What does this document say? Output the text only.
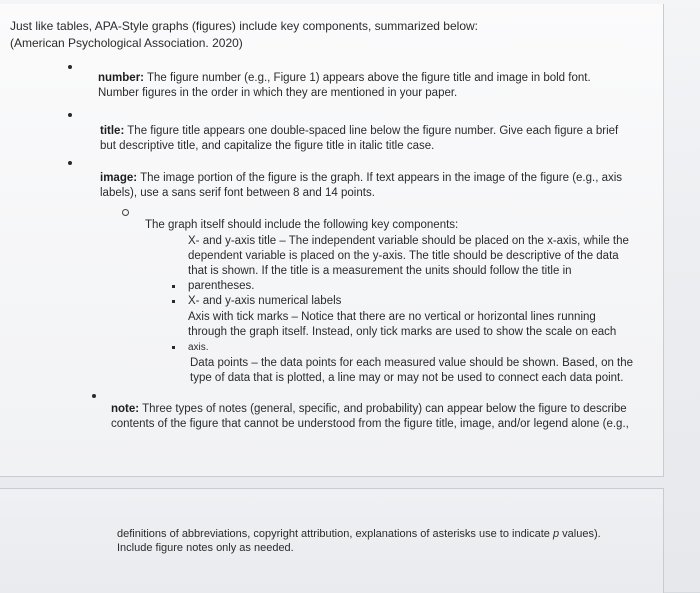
Just like tables, APA-Style graphs (figures) include key components, summarized below:
(American Psychological Association. 2020)
number: The figure number (e.g., Figure 1) appears above the figure title and image in bold font.
Number figures in the order in which they are mentioned in your paper.
title: The figure title appears one double-spaced line below the figure number. Give each figure a brief
but descriptive title, and capitalize the figure title in italic title case.
image: The image portion of the figure is the graph. If text appears in the image of the figure (e.g., axis
labels), use a sans serif font between 8 and 14 points.
The graph itself should include the following key components:
X- and y-axis title – The independent variable should be placed on the x-axis, while the
dependent variable is placed on the y-axis. The title should be descriptive of the data
that is shown. If the title is a measurement the units should follow the title in
parentheses.
X- and y-axis numerical labels
Axis with tick marks – Notice that there are no vertical or horizontal lines running
through the graph itself. Instead, only tick marks are used to show the scale on each
axis.
Data points – the data points for each measured value should be shown. Based, on the
type of data that is plotted, a line may or may not be used to connect each data point.
note: Three types of notes (general, specific, and probability) can appear below the figure to describe
contents of the figure that cannot be understood from the figure title, image, and/or legend alone (e.g.,
definitions of abbreviations, copyright attribution, explanations of asterisks use to indicate p values).
Include figure notes only as needed.
